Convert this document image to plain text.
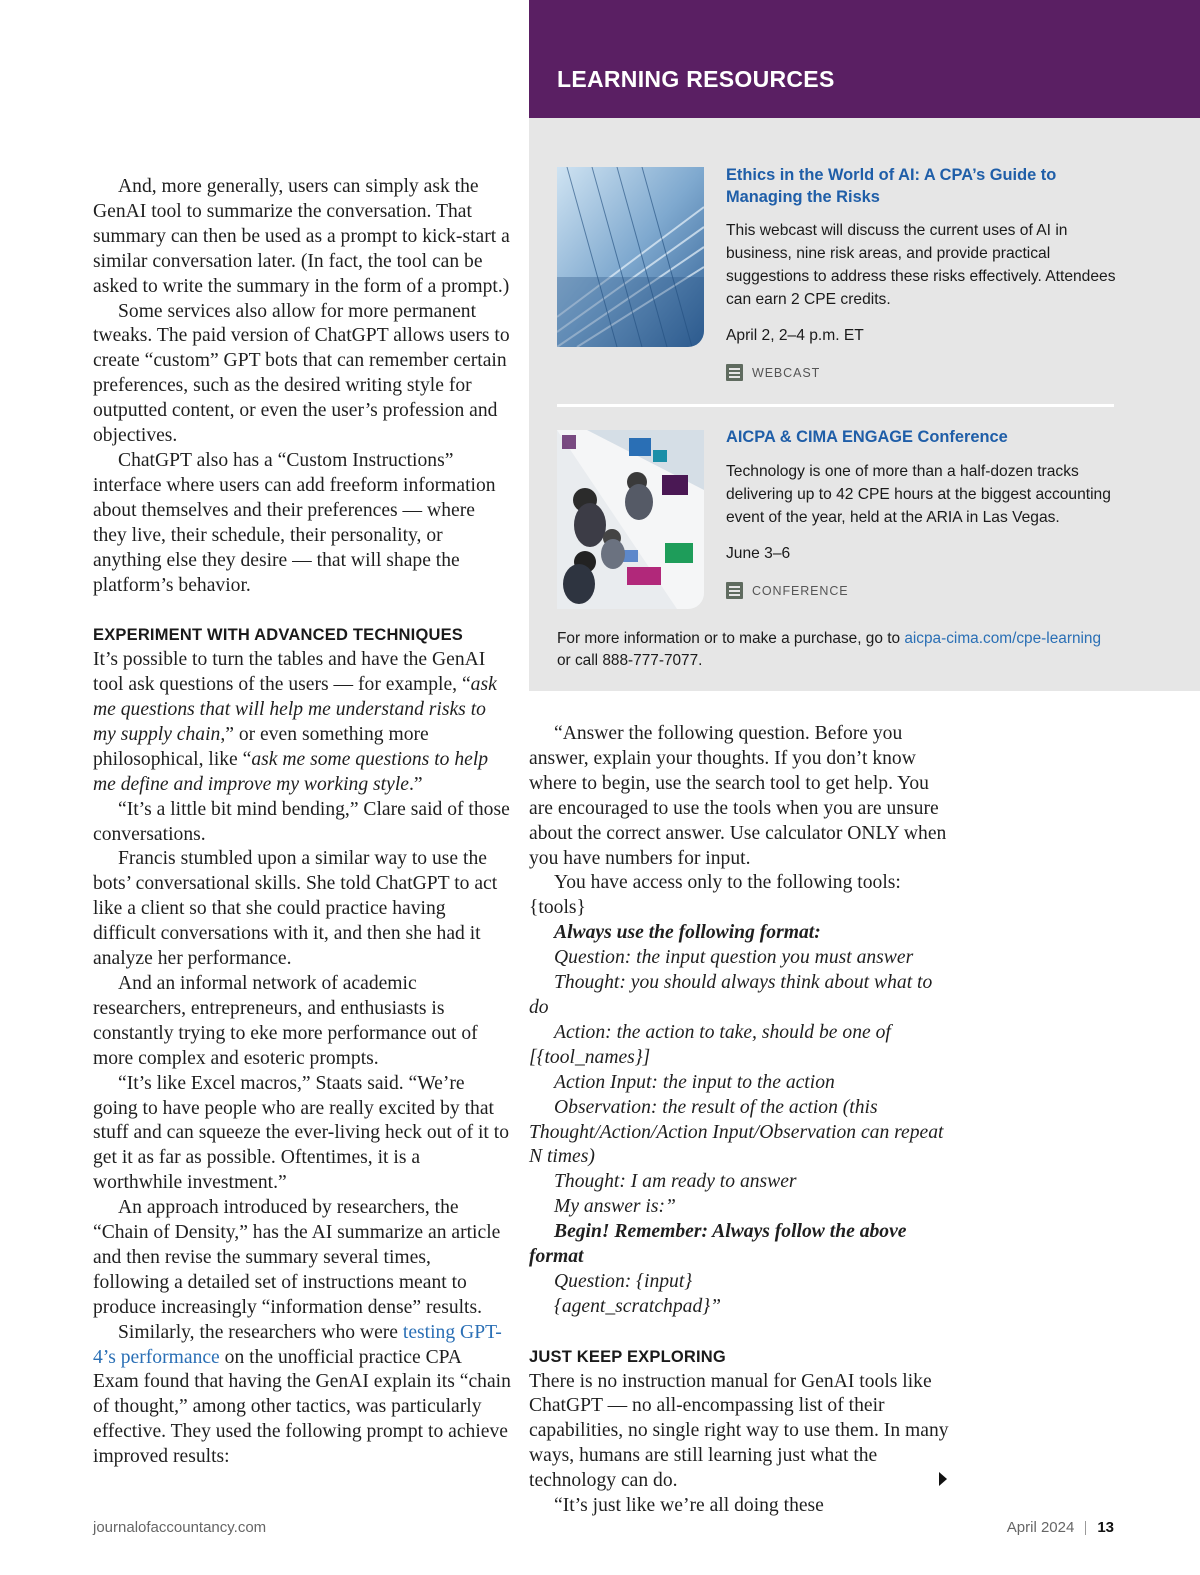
And, more generally, users can simply ask the GenAI tool to summarize the conversation. That summary can then be used as a prompt to kick-start a similar conversation later. (In fact, the tool can be asked to write the summary in the form of a prompt.)

Some services also allow for more permanent tweaks. The paid version of ChatGPT allows users to create “custom” GPT bots that can remember certain preferences, such as the desired writing style for outputted content, or even the user’s profession and objectives.

ChatGPT also has a “Custom Instructions” interface where users can add freeform information about themselves and their preferences — where they live, their schedule, their personality, or anything else they desire — that will shape the platform’s behavior.

EXPERIMENT WITH ADVANCED TECHNIQUES

It’s possible to turn the tables and have the GenAI tool ask questions of the users — for example, “ask me questions that will help me understand risks to my supply chain,” or even something more philosophical, like “ask me some questions to help me define and improve my working style.”

“It’s a little bit mind bending,” Clare said of those conversations.

Francis stumbled upon a similar way to use the bots’ conversational skills. She told ChatGPT to act like a client so that she could practice having difficult conversations with it, and then she had it analyze her performance.

And an informal network of academic researchers, entrepreneurs, and enthusiasts is constantly trying to eke more performance out of more complex and esoteric prompts.

“It’s like Excel macros,” Staats said. “We’re going to have people who are really excited by that stuff and can squeeze the ever-living heck out of it to get it as far as possible. Oftentimes, it is a worthwhile investment.”

An approach introduced by researchers, the “Chain of Density,” has the AI summarize an article and then revise the summary several times, following a detailed set of instructions meant to produce increasingly “information dense” results.

Similarly, the researchers who were testing GPT-4’s performance on the unofficial practice CPA Exam found that having the GenAI explain its “chain of thought,” among other tactics, was particularly effective. They used the following prompt to achieve improved results:

LEARNING RESOURCES
Ethics in the World of AI: A CPA’s Guide to Managing the Risks
This webcast will discuss the current uses of AI in business, nine risk areas, and provide practical suggestions to address these risks effectively. Attendees can earn 2 CPE credits.
April 2, 2–4 p.m. ET
WEBCAST
AICPA & CIMA ENGAGE Conference
Technology is one of more than a half-dozen tracks delivering up to 42 CPE hours at the biggest accounting event of the year, held at the ARIA in Las Vegas.
June 3–6
CONFERENCE
For more information or to make a purchase, go to aicpa-cima.com/cpe-learning
or call 888-777-7077.

“Answer the following question. Before you answer, explain your thoughts. If you don’t know where to begin, use the search tool to get help. You are encouraged to use the tools when you are unsure about the correct answer. Use calculator ONLY when you have numbers for input.

You have access only to the following tools: {tools}

Always use the following format:

Question: the input question you must answer

Thought: you should always think about what to do

Action: the action to take, should be one of [{tool_names}]

Action Input: the input to the action

Observation: the result of the action (this Thought/Action/Action Input/Observation can repeat N times)

Thought: I am ready to answer

My answer is:”

Begin! Remember: Always follow the above format

Question: {input}

{agent_scratchpad}”

JUST KEEP EXPLORING

There is no instruction manual for GenAI tools like ChatGPT — no all-encompassing list of their capabilities, no single right way to use them. In many ways, humans are still learning just what the technology can do.

“It’s just like we’re all doing these

journalofaccountancy.com	April 2024 13
